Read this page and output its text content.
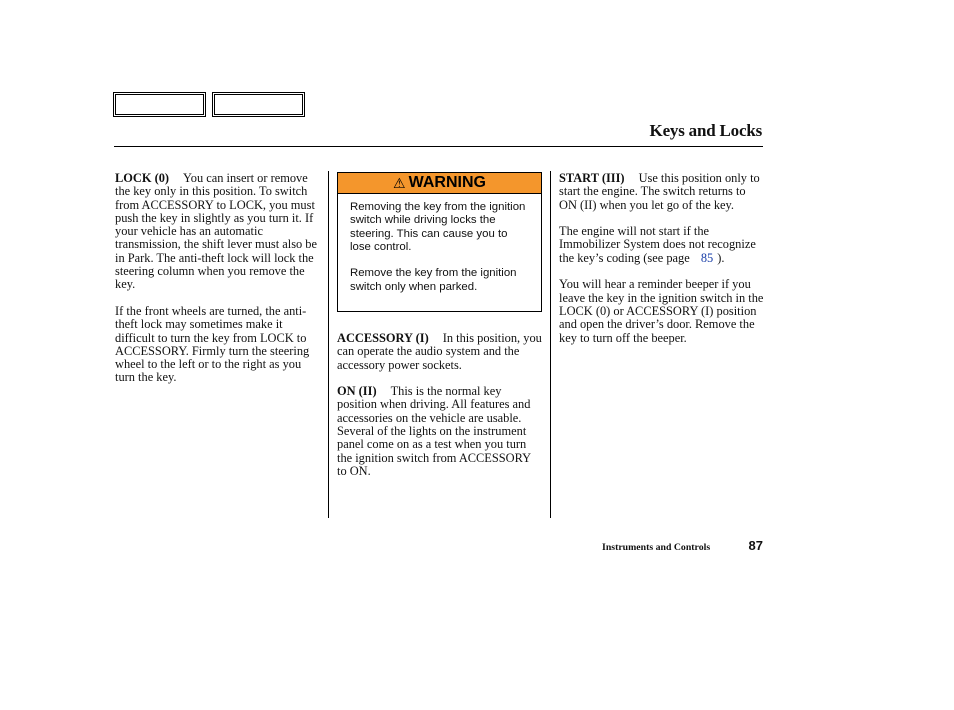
Keys and Locks

LOCK (0) You can insert or remove the key only in this position. To switch from ACCESSORY to LOCK, you must push the key in slightly as you turn it. If your vehicle has an automatic transmission, the shift lever must also be in Park. The anti-theft lock will lock the steering column when you remove the key.

If the front wheels are turned, the anti-theft lock may sometimes make it difficult to turn the key from LOCK to ACCESSORY. Firmly turn the steering wheel to the left or to the right as you turn the key.

⚠ WARNING

Removing the key from the ignition switch while driving locks the steering. This can cause you to lose control.

Remove the key from the ignition switch only when parked.

ACCESSORY (I) In this position, you can operate the audio system and the accessory power sockets.

ON (II) This is the normal key position when driving. All features and accessories on the vehicle are usable. Several of the lights on the instrument panel come on as a test when you turn the ignition switch from ACCESSORY to ON.

START (III) Use this position only to start the engine. The switch returns to ON (II) when you let go of the key.

The engine will not start if the Immobilizer System does not recognize the key’s coding (see page 85 ).

You will hear a reminder beeper if you leave the key in the ignition switch in the LOCK (0) or ACCESSORY (I) position and open the driver’s door. Remove the key to turn off the beeper.

Instruments and Controls	87
